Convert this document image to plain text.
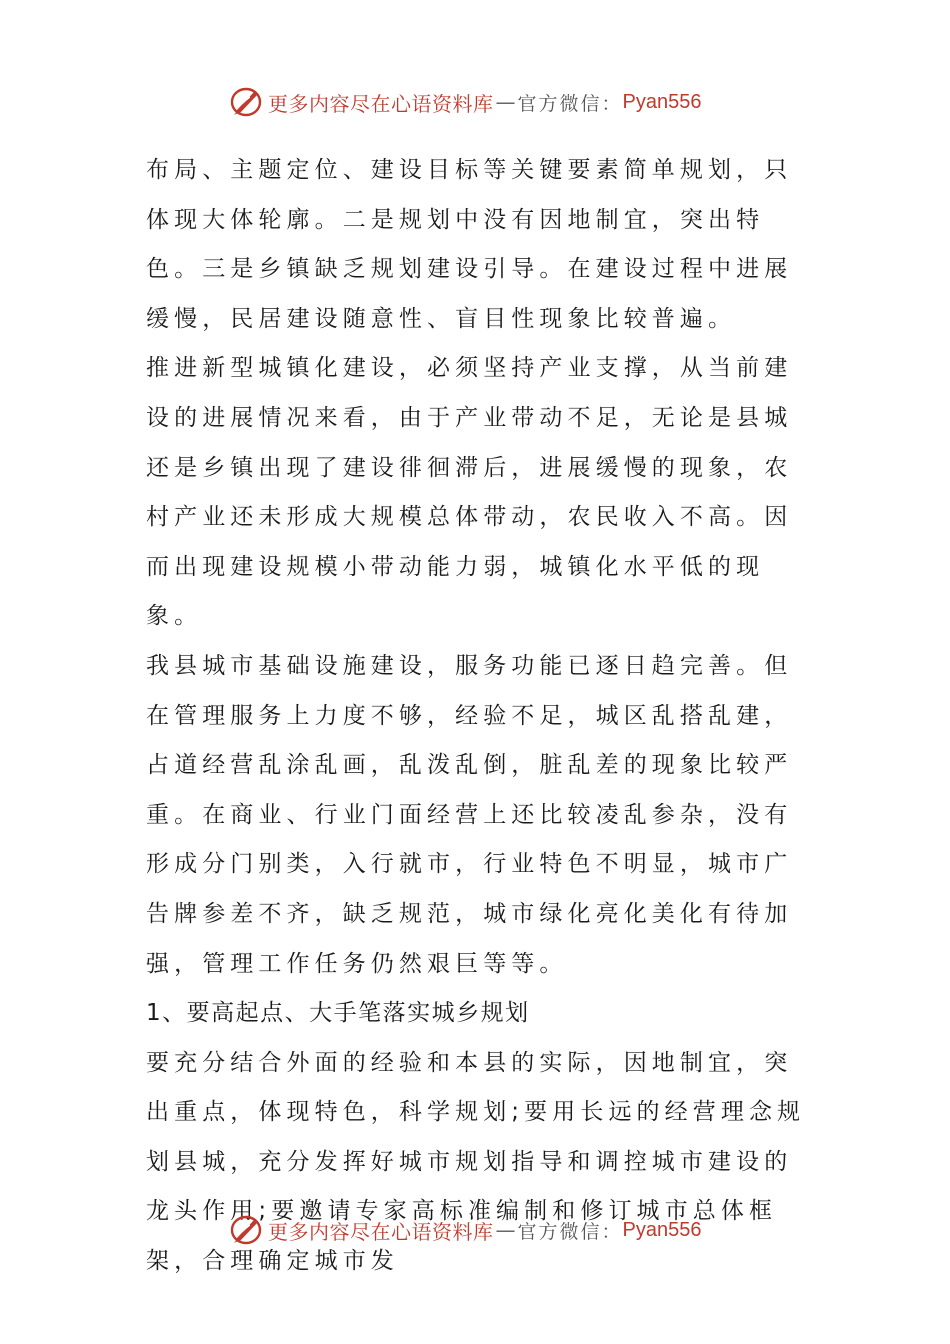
更多内容尽在心语资料库 — 官方微信： Pyan556

布局、主题定位、建设目标等关键要素简单规划，只体现大体轮廓。二是规划中没有因地制宜，突出特色。三是乡镇缺乏规划建设引导。在建设过程中进展缓慢，民居建设随意性、盲目性现象比较普遍。

推进新型城镇化建设，必须坚持产业支撑，从当前建设的进展情况来看，由于产业带动不足，无论是县城还是乡镇出现了建设徘徊滞后，进展缓慢的现象，农村产业还未形成大规模总体带动，农民收入不高。因而出现建设规模小带动能力弱，城镇化水平低的现象。

我县城市基础设施建设，服务功能已逐日趋完善。但在管理服务上力度不够，经验不足，城区乱搭乱建，占道经营乱涂乱画，乱泼乱倒，脏乱差的现象比较严重。在商业、行业门面经营上还比较凌乱参杂，没有形成分门别类，入行就市，行业特色不明显，城市广告牌参差不齐，缺乏规范，城市绿化亮化美化有待加强，管理工作任务仍然艰巨等等。

1、要高起点、大手笔落实城乡规划

要充分结合外面的经验和本县的实际，因地制宜，突出重点，体现特色，科学规划;要用长远的经营理念规划县城，充分发挥好城市规划指导和调控城市建设的龙头作用;要邀请专家高标准编制和修订城市总体框架，合理确定城市发

更多内容尽在心语资料库 — 官方微信： Pyan556
